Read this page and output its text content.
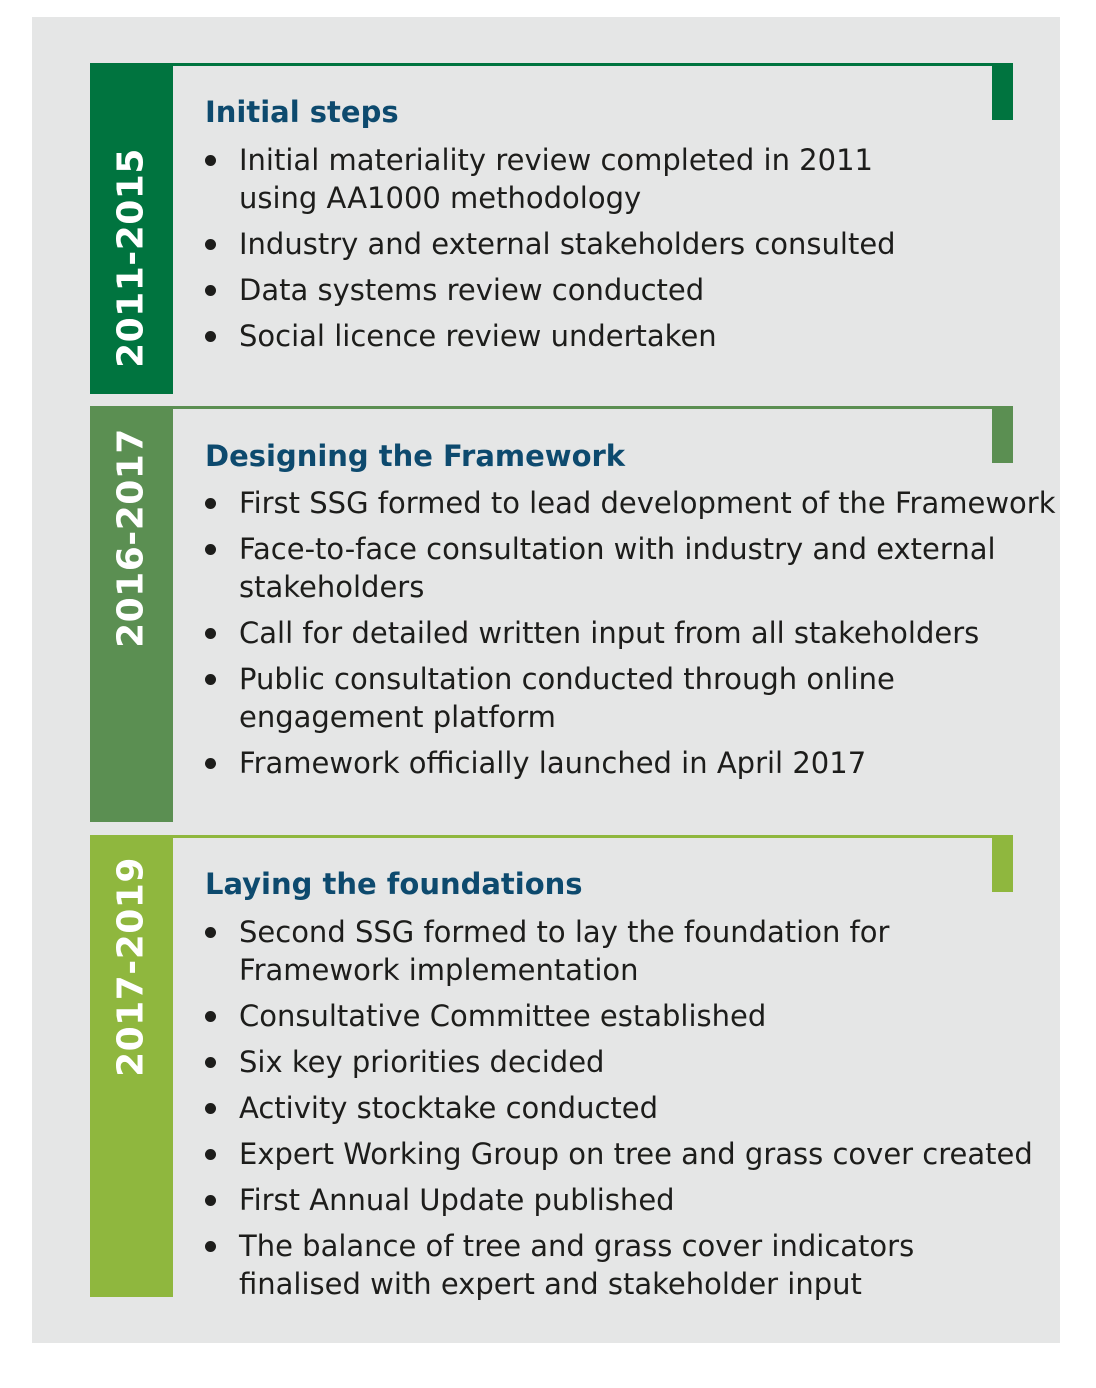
2011-2015
Initial steps
Initial materiality review completed in 2011 using AA1000 methodology
Industry and external stakeholders consulted
Data systems review conducted
Social licence review undertaken
2016-2017 Designing the Framework
First SSG formed to lead development of the Framework
Face-to-face consultation with industry and external stakeholders
Call for detailed written input from all stakeholders
Public consultation conducted through online engagement platform
Framework officially launched in April 2017
2017-2019 Laying the foundations
Second SSG formed to lay the foundation for Framework implementation
Consultative Committee established
Six key priorities decided
Activity stocktake conducted
Expert Working Group on tree and grass cover created
First Annual Update published
The balance of tree and grass cover indicators finalised with expert and stakeholder input
